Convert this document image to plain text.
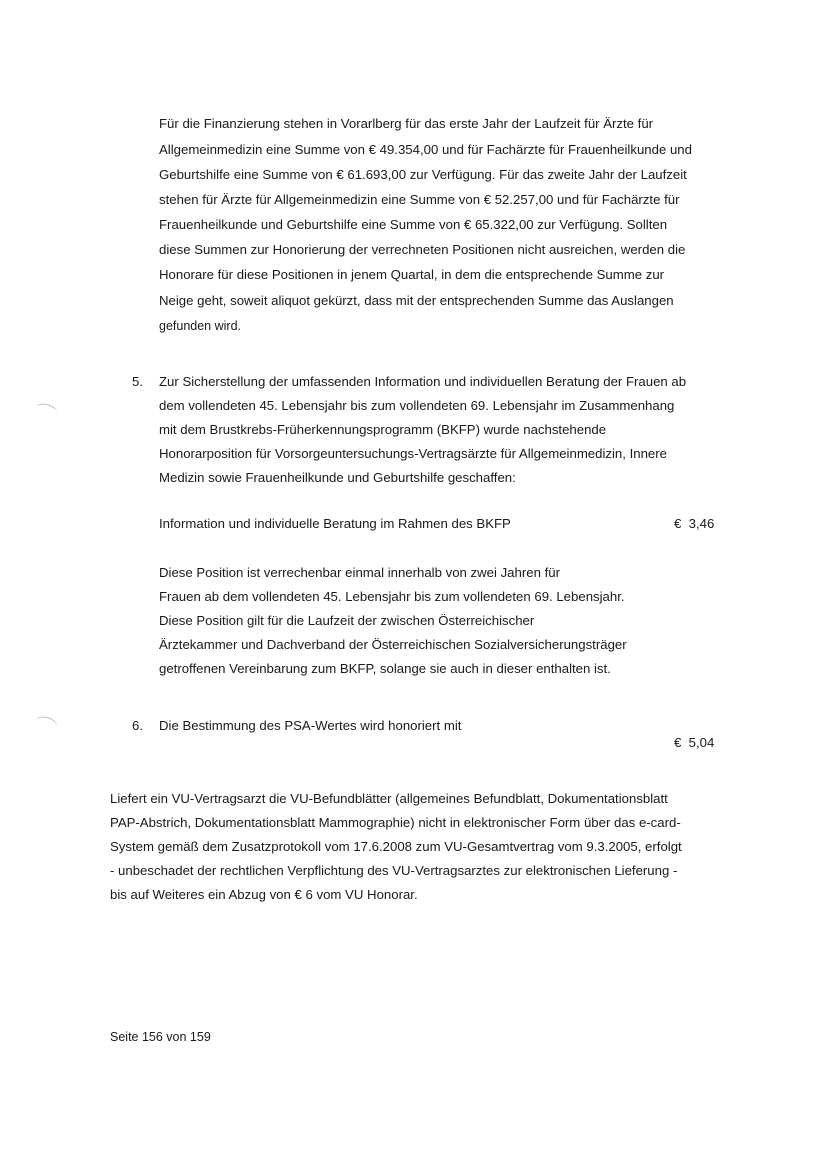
Für die Finanzierung stehen in Vorarlberg für das erste Jahr der Laufzeit für Ärzte für
Allgemeinmedizin eine Summe von € 49.354,00 und für Fachärzte für Frauenheilkunde und
Geburtshilfe eine Summe von € 61.693,00 zur Verfügung. Für das zweite Jahr der Laufzeit
stehen für Ärzte für Allgemeinmedizin eine Summe von € 52.257,00 und für Fachärzte für
Frauenheilkunde und Geburtshilfe eine Summe von € 65.322,00 zur Verfügung. Sollten
diese Summen zur Honorierung der verrechneten Positionen nicht ausreichen, werden die
Honorare für diese Positionen in jenem Quartal, in dem die entsprechende Summe zur
Neige geht, soweit aliquot gekürzt, dass mit der entsprechenden Summe das Auslangen
gefunden wird.
5. Zur Sicherstellung der umfassenden Information und individuellen Beratung der Frauen ab
dem vollendeten 45. Lebensjahr bis zum vollendeten 69. Lebensjahr im Zusammenhang
mit dem Brustkrebs-Früherkennungsprogramm (BKFP) wurde nachstehende
Honorarposition für Vorsorgeuntersuchungs-Vertragsärzte für Allgemeinmedizin, Innere
Medizin sowie Frauenheilkunde und Geburtshilfe geschaffen:
Information und individuelle Beratung im Rahmen des BKFP	€  3,46
Diese Position ist verrechenbar einmal innerhalb von zwei Jahren für
Frauen ab dem vollendeten 45. Lebensjahr bis zum vollendeten 69. Lebensjahr.
Diese Position gilt für die Laufzeit der zwischen Österreichischer
Ärztekammer und Dachverband der Österreichischen Sozialversicherungsträger
getroffenen Vereinbarung zum BKFP, solange sie auch in dieser enthalten ist.
6. Die Bestimmung des PSA-Wertes wird honoriert mit
€  5,04
Liefert ein VU-Vertragsarzt die VU-Befundblätter (allgemeines Befundblatt, Dokumentationsblatt
PAP-Abstrich, Dokumentationsblatt Mammographie) nicht in elektronischer Form über das e-card-
System gemäß dem Zusatzprotokoll vom 17.6.2008 zum VU-Gesamtvertrag vom 9.3.2005, erfolgt
- unbeschadet der rechtlichen Verpflichtung des VU-Vertragsarztes zur elektronischen Lieferung -
bis auf Weiteres ein Abzug von € 6 vom VU Honorar.
Seite 156 von 159
